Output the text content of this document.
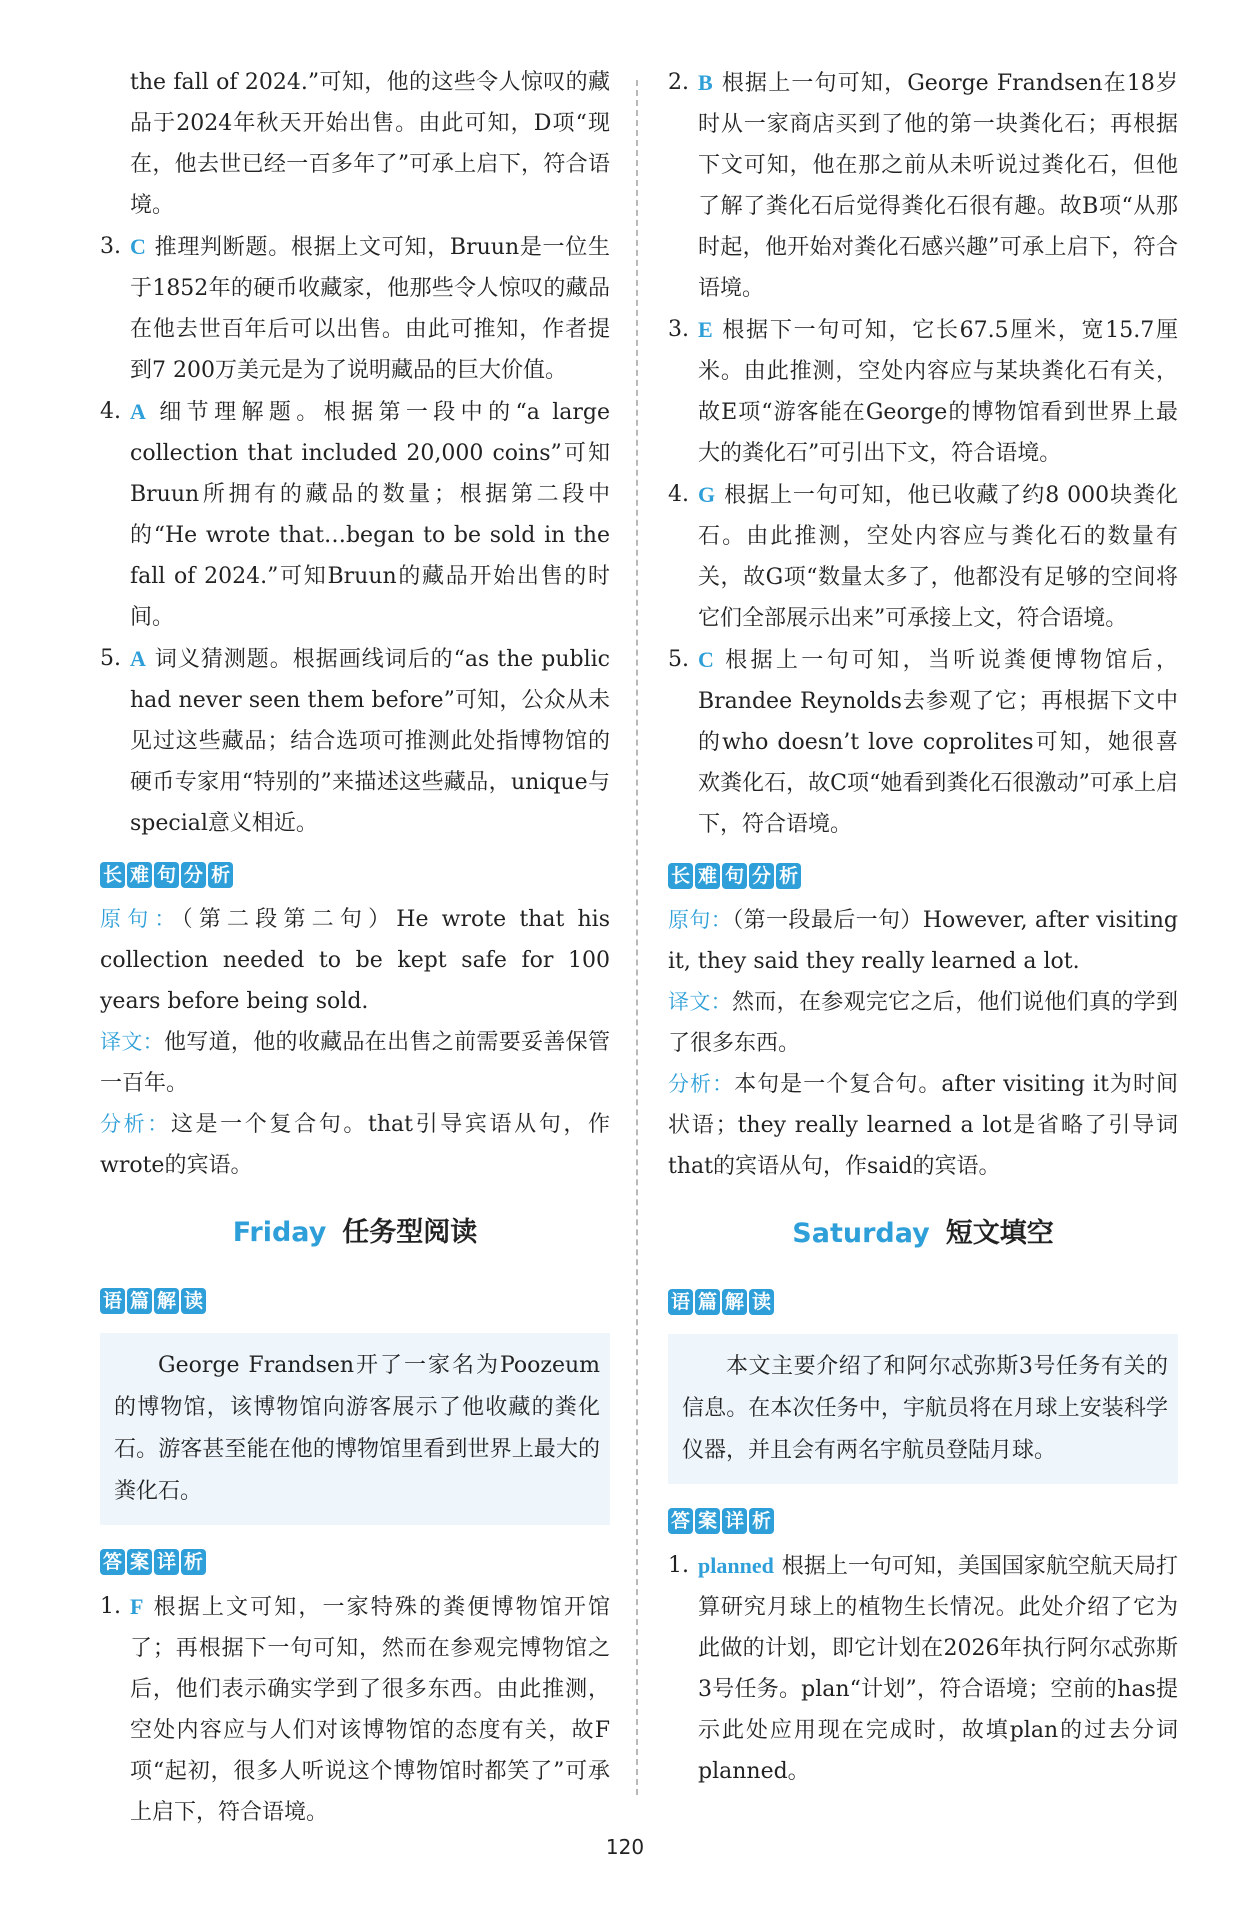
the fall of 2024.”可知，他的这些令人惊叹的藏品于2024年秋天开始出售。由此可知，D项“现在，他去世已经一百多年了”可承上启下，符合语境。
3. C 推理判断题。根据上文可知，Bruun是一位生于1852年的硬币收藏家，他那些令人惊叹的藏品在他去世百年后可以出售。由此可推知，作者提到7 200万美元是为了说明藏品的巨大价值。
4. A 细节理解题。根据第一段中的“a large collection that included 20,000 coins”可知Bruun所拥有的藏品的数量；根据第二段中的“He wrote that…began to be sold in the fall of 2024.”可知Bruun的藏品开始出售的时间。
5. A 词义猜测题。根据画线词后的“as the public had never seen them before”可知，公众从未见过这些藏品；结合选项可推测此处指博物馆的硬币专家用“特别的”来描述这些藏品，unique与special意义相近。
长 难 句 分 析
原句：（第二段第二句）He wrote that his collection needed to be kept safe for 100 years before being sold.
译文：他写道，他的收藏品在出售之前需要妥善保管一百年。
分析：这是一个复合句。that引导宾语从句，作wrote的宾语。
Friday 任务型阅读
语 篇 解 读
George Frandsen开了一家名为Poozeum的博物馆，该博物馆向游客展示了他收藏的粪化石。游客甚至能在他的博物馆里看到世界上最大的粪化石。
答 案 详 析
1. F 根据上文可知，一家特殊的粪便博物馆开馆了；再根据下一句可知，然而在参观完博物馆之后，他们表示确实学到了很多东西。由此推测，空处内容应与人们对该博物馆的态度有关，故F项“起初，很多人听说这个博物馆时都笑了”可承上启下，符合语境。
2. B 根据上一句可知，George Frandsen在18岁时从一家商店买到了他的第一块粪化石；再根据下文可知，他在那之前从未听说过粪化石，但他了解了粪化石后觉得粪化石很有趣。故B项“从那时起，他开始对粪化石感兴趣”可承上启下，符合语境。
3. E 根据下一句可知，它长67.5厘米，宽15.7厘米。由此推测，空处内容应与某块粪化石有关，故E项“游客能在George的博物馆看到世界上最大的粪化石”可引出下文，符合语境。
4. G 根据上一句可知，他已收藏了约8 000块粪化石。由此推测，空处内容应与粪化石的数量有关，故G项“数量太多了，他都没有足够的空间将它们全部展示出来”可承接上文，符合语境。
5. C 根据上一句可知，当听说粪便博物馆后，Brandee Reynolds去参观了它；再根据下文中的who doesn’t love coprolites可知，她很喜欢粪化石，故C项“她看到粪化石很激动”可承上启下，符合语境。
长 难 句 分 析
原句：（第一段最后一句）However, after visiting it, they said they really learned a lot.
译文：然而，在参观完它之后，他们说他们真的学到了很多东西。
分析：本句是一个复合句。after visiting it为时间状语；they really learned a lot是省略了引导词that的宾语从句，作said的宾语。
Saturday 短文填空
语 篇 解 读
本文主要介绍了和阿尔忒弥斯3号任务有关的信息。在本次任务中，宇航员将在月球上安装科学仪器，并且会有两名宇航员登陆月球。
答 案 详 析
1. planned 根据上一句可知，美国国家航空航天局打算研究月球上的植物生长情况。此处介绍了它为此做的计划，即它计划在2026年执行阿尔忒弥斯3号任务。plan“计划”，符合语境；空前的has提示此处应用现在完成时，故填plan的过去分词planned。
120
